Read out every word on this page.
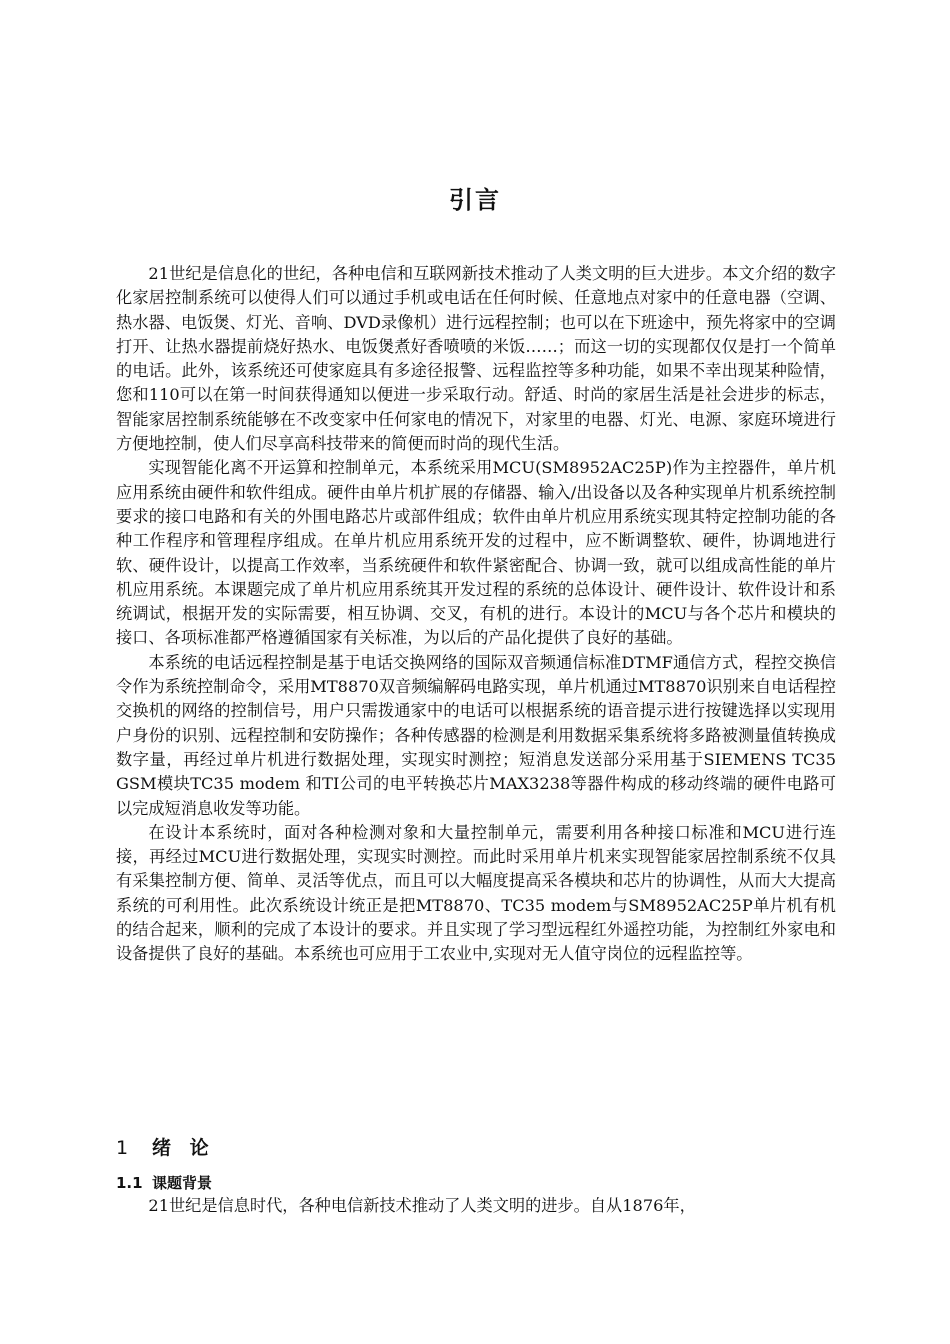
引言

21世纪是信息化的世纪，各种电信和互联网新技术推动了人类文明的巨大进步。本文介绍的数字化家居控制系统可以使得人们可以通过手机或电话在任何时候、任意地点对家中的任意电器（空调、热水器、电饭煲、灯光、音响、DVD录像机）进行远程控制；也可以在下班途中，预先将家中的空调打开、让热水器提前烧好热水、电饭煲煮好香喷喷的米饭……；而这一切的实现都仅仅是打一个简单的电话。此外，该系统还可使家庭具有多途径报警、远程监控等多种功能，如果不幸出现某种险情，您和110可以在第一时间获得通知以便进一步采取行动。舒适、时尚的家居生活是社会进步的标志，智能家居控制系统能够在不改变家中任何家电的情况下，对家里的电器、灯光、电源、家庭环境进行方便地控制，使人们尽享高科技带来的简便而时尚的现代生活。

实现智能化离不开运算和控制单元，本系统采用MCU(SM8952AC25P)作为主控器件，单片机应用系统由硬件和软件组成。硬件由单片机扩展的存储器、输入/出设备以及各种实现单片机系统控制要求的接口电路和有关的外围电路芯片或部件组成；软件由单片机应用系统实现其特定控制功能的各种工作程序和管理程序组成。在单片机应用系统开发的过程中，应不断调整软、硬件，协调地进行软、硬件设计，以提高工作效率，当系统硬件和软件紧密配合、协调一致，就可以组成高性能的单片机应用系统。本课题完成了单片机应用系统其开发过程的系统的总体设计、硬件设计、软件设计和系统调试，根据开发的实际需要，相互协调、交叉，有机的进行。本设计的MCU与各个芯片和模块的接口、各项标准都严格遵循国家有关标准，为以后的产品化提供了良好的基础。

本系统的电话远程控制是基于电话交换网络的国际双音频通信标准DTMF通信方式，程控交换信令作为系统控制命令，采用MT8870双音频编解码电路实现，单片机通过MT8870识别来自电话程控交换机的网络的控制信号，用户只需拨通家中的电话可以根据系统的语音提示进行按键选择以实现用户身份的识别、远程控制和安防操作；各种传感器的检测是利用数据采集系统将多路被测量值转换成数字量，再经过单片机进行数据处理，实现实时测控；短消息发送部分采用基于SIEMENS TC35 GSM模块TC35 modem 和TI公司的电平转换芯片MAX3238等器件构成的移动终端的硬件电路可以完成短消息收发等功能。

在设计本系统时，面对各种检测对象和大量控制单元，需要利用各种接口标准和MCU进行连接，再经过MCU进行数据处理，实现实时测控。而此时采用单片机来实现智能家居控制系统不仅具有采集控制方便、简单、灵活等优点，而且可以大幅度提高采各模块和芯片的协调性，从而大大提高系统的可利用性。此次系统设计统正是把MT8870、TC35 modem与SM8952AC25P单片机有机的结合起来，顺利的完成了本设计的要求。并且实现了学习型远程红外遥控功能，为控制红外家电和设备提供了良好的基础。本系统也可应用于工农业中,实现对无人值守岗位的远程监控等。

1 绪 论
1.1 课题背景

21世纪是信息时代，各种电信新技术推动了人类文明的进步。自从1876年，
